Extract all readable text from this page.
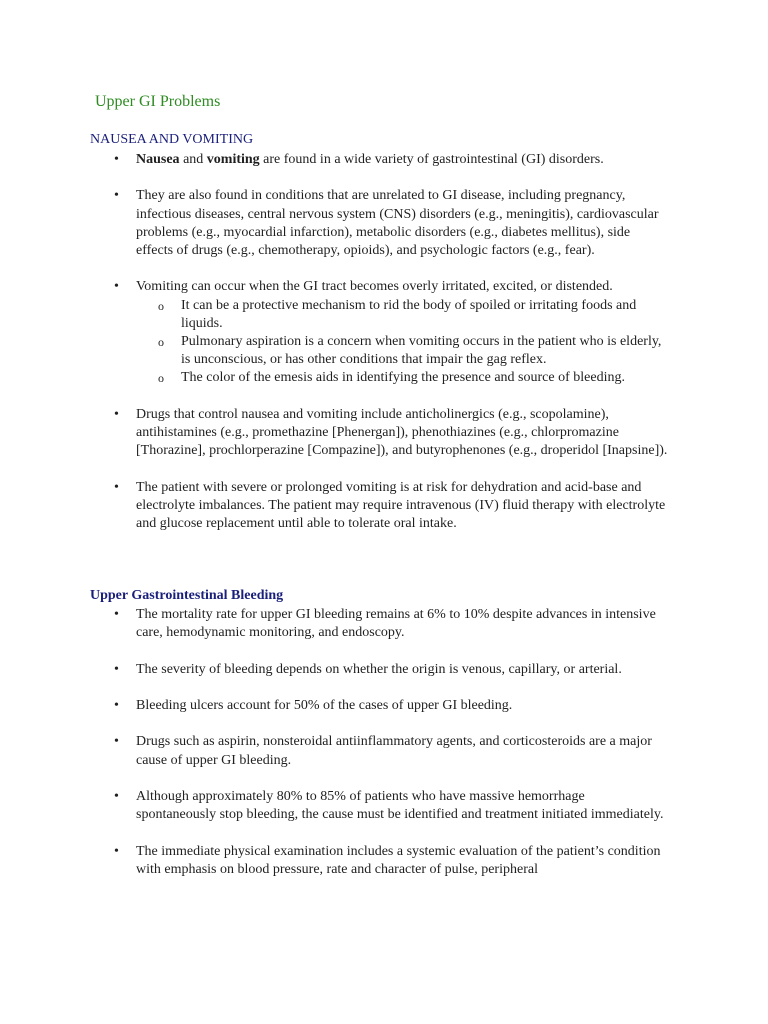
Upper GI Problems
NAUSEA AND VOMITING
• Nausea and vomiting are found in a wide variety of gastrointestinal (GI) disorders.
• They are also found in conditions that are unrelated to GI disease, including pregnancy, infectious diseases, central nervous system (CNS) disorders (e.g., meningitis), cardiovascular problems (e.g., myocardial infarction), metabolic disorders (e.g., diabetes mellitus), side effects of drugs (e.g., chemotherapy, opioids), and psychologic factors (e.g., fear).
• Vomiting can occur when the GI tract becomes overly irritated, excited, or distended.
o It can be a protective mechanism to rid the body of spoiled or irritating foods and liquids.
o Pulmonary aspiration is a concern when vomiting occurs in the patient who is elderly, is unconscious, or has other conditions that impair the gag reflex.
o The color of the emesis aids in identifying the presence and source of bleeding.
• Drugs that control nausea and vomiting include anticholinergics (e.g., scopolamine), antihistamines (e.g., promethazine [Phenergan]), phenothiazines (e.g., chlorpromazine [Thorazine], prochlorperazine [Compazine]), and butyrophenones (e.g., droperidol [Inapsine]).
• The patient with severe or prolonged vomiting is at risk for dehydration and acid-base and electrolyte imbalances. The patient may require intravenous (IV) fluid therapy with electrolyte and glucose replacement until able to tolerate oral intake.
Upper Gastrointestinal Bleeding
• The mortality rate for upper GI bleeding remains at 6% to 10% despite advances in intensive care, hemodynamic monitoring, and endoscopy.
• The severity of bleeding depends on whether the origin is venous, capillary, or arterial.
• Bleeding ulcers account for 50% of the cases of upper GI bleeding.
• Drugs such as aspirin, nonsteroidal antiinflammatory agents, and corticosteroids are a major cause of upper GI bleeding.
• Although approximately 80% to 85% of patients who have massive hemorrhage spontaneously stop bleeding, the cause must be identified and treatment initiated immediately.
• The immediate physical examination includes a systemic evaluation of the patient’s condition with emphasis on blood pressure, rate and character of pulse, peripheral
